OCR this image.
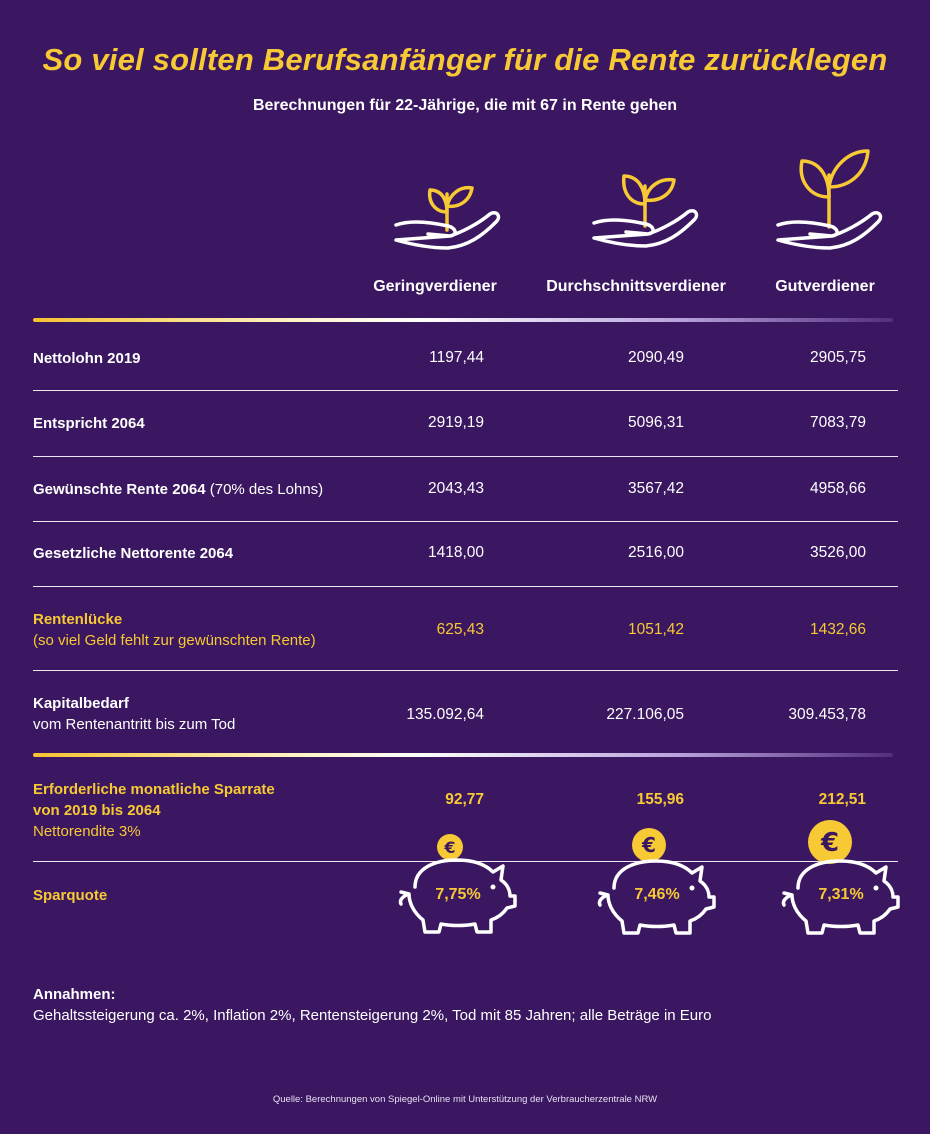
So viel sollten Berufsanfänger für die Rente zurücklegen
Berechnungen für 22-Jährige, die mit 67 in Rente gehen
Geringverdiener	Durchschnittsverdiener	Gutverdiener
Nettolohn 2019	1197,44	2090,49	2905,75
Entspricht 2064	2919,19	5096,31	7083,79
Gewünschte Rente 2064 (70% des Lohns)	2043,43	3567,42	4958,66
Gesetzliche Nettorente 2064	1418,00	2516,00	3526,00
Rentenlücke
(so viel Geld fehlt zur gewünschten Rente)
625,43	1051,42	1432,66
Kapitalbedarf
vom Rentenantritt bis zum Tod
135.092,64	227.106,05	309.453,78
Erforderliche monatliche Sparrate
von 2019 bis 2064
Nettorendite 3%
92,77	155,96	212,51
Sparquote
€	€	€
7,75%	7,46%	7,31%
Annahmen:
Gehaltssteigerung ca. 2%, Inflation 2%, Rentensteigerung 2%, Tod mit 85 Jahren; alle Beträge in Euro
Quelle: Berechnungen von Spiegel-Online mit Unterstützung der Verbraucherzentrale NRW
